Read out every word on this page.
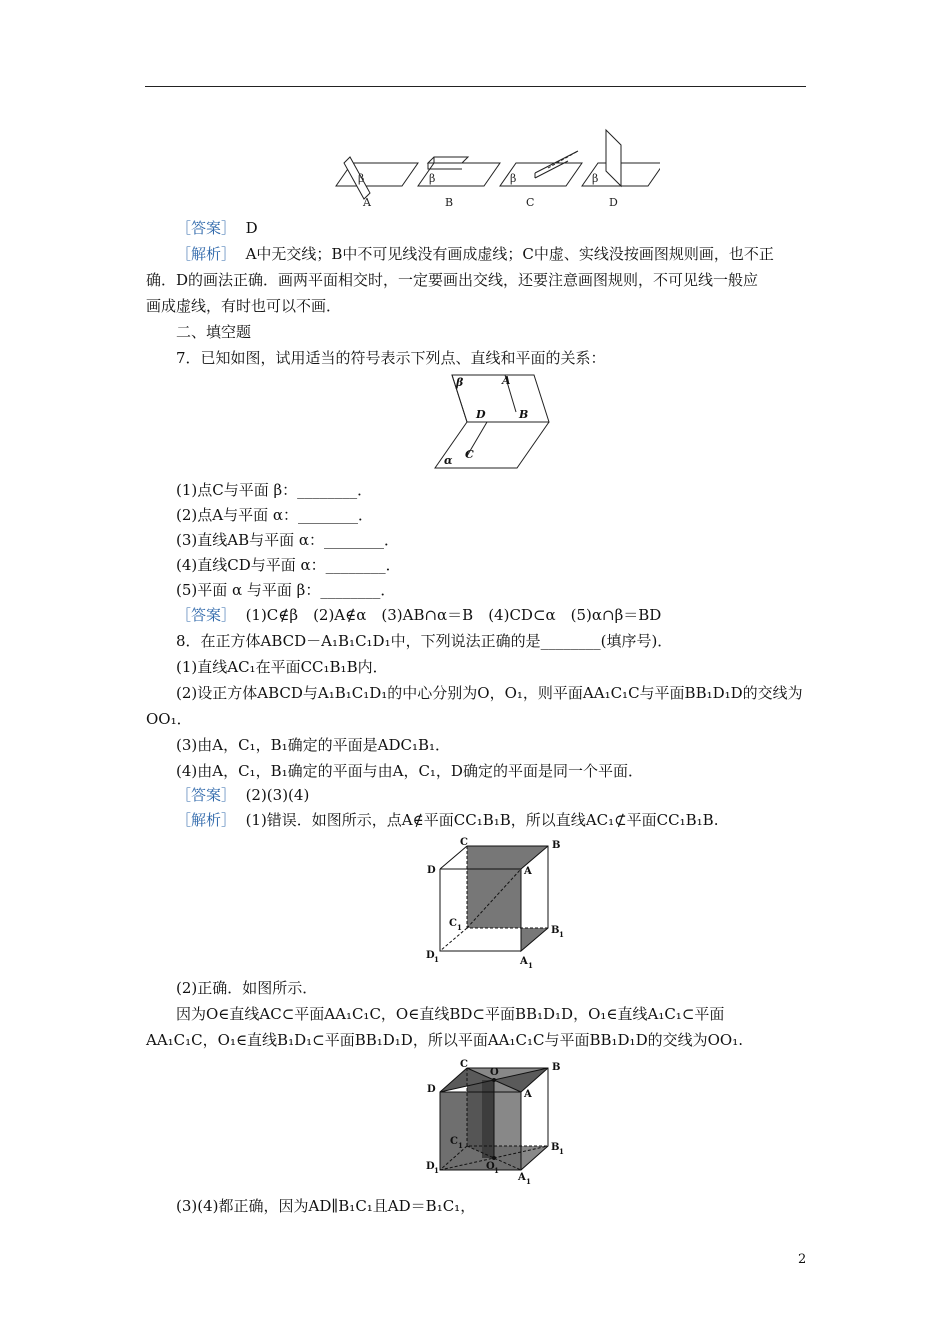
β	β	β	β
A	B	C	D
［答案］ D
［解析］ A中无交线；B中不可见线没有画成虚线；C中虚、实线没按画图规则画，也不正
确．D的画法正确．画两平面相交时，一定要画出交线，还要注意画图规则，不可见线一般应
画成虚线，有时也可以不画．
二、填空题
7．已知如图，试用适当的符号表示下列点、直线和平面的关系：
β	A
B
D
C
α
(1)点C与平面 β：________．
(2)点A与平面 α：________．
(3)直线AB与平面 α：________．
(4)直线CD与平面 α：________．
(5)平面 α 与平面 β：________．
［答案］ (1)C∉β　(2)A∉α　(3)AB∩α＝B　(4)CD⊂α　(5)α∩β＝BD
8．在正方体ABCD－A₁B₁C₁D₁中，下列说法正确的是________(填序号)．
(1)直线AC₁在平面CC₁B₁B内．
(2)设正方体ABCD与A₁B₁C₁D₁的中心分别为O，O₁，则平面AA₁C₁C与平面BB₁D₁D的交线为
OO₁．
(3)由A，C₁，B₁确定的平面是ADC₁B₁．
(4)由A，C₁，B₁确定的平面与由A，C₁，D确定的平面是同一个平面．
［答案］ (2)(3)(4)
［解析］ (1)错误．如图所示，点A∉平面CC₁B₁B，所以直线AC₁⊄平面CC₁B₁B.
C	B
D	A
C 1	B 1
D 1	A 1
(2)正确．如图所示．
因为O∈直线AC⊂平面AA₁C₁C，O∈直线BD⊂平面BB₁D₁D，O₁∈直线A₁C₁⊂平面
AA₁C₁C，O₁∈直线B₁D₁⊂平面BB₁D₁D，所以平面AA₁C₁C与平面BB₁D₁D的交线为OO₁.
C
O	B
D	A
C 1	B 1
D 1	O 1
A 1
(3)(4)都正确，因为AD∥B₁C₁且AD＝B₁C₁，
2
